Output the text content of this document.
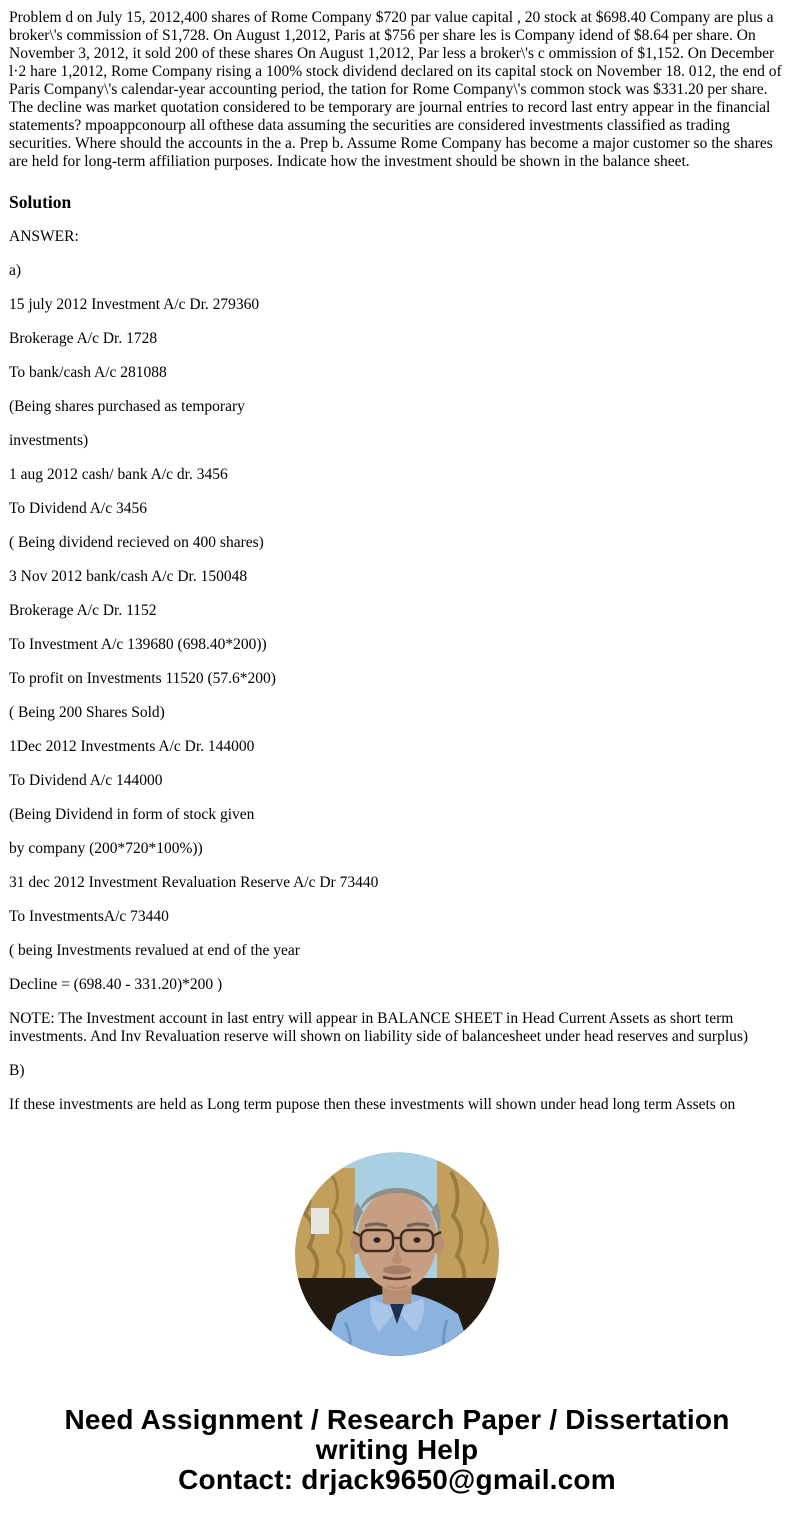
Problem d on July 15, 2012,400 shares of Rome Company $720 par value capital , 20 stock at $698.40 Company are plus a broker\'s commission of S1,728. On August 1,2012, Paris at $756 per share les is Company idend of $8.64 per share. On November 3, 2012, it sold 200 of these shares On August 1,2012, Par less a broker\'s c ommission of $1,152. On December l·2 hare 1,2012, Rome Company rising a 100% stock dividend declared on its capital stock on November 18. 012, the end of Paris Company\'s calendar-year accounting period, the tation for Rome Company\'s common stock was $331.20 per share. The decline was market quotation considered to be temporary are journal entries to record last entry appear in the financial statements? mpoappconourp all ofthese data assuming the securities are considered investments classified as trading securities. Where should the accounts in the a. Prep b. Assume Rome Company has become a major customer so the shares are held for long-term affiliation purposes. Indicate how the investment should be shown in the balance sheet.

Solution

ANSWER:

a)

15 july 2012 Investment A/c Dr. 279360

Brokerage A/c Dr. 1728

To bank/cash A/c 281088

(Being shares purchased as temporary

investments)

1 aug 2012 cash/ bank A/c dr. 3456

To Dividend A/c 3456

( Being dividend recieved on 400 shares)

3 Nov 2012 bank/cash A/c Dr. 150048

Brokerage A/c Dr. 1152

To Investment A/c 139680 (698.40*200))

To profit on Investments 11520 (57.6*200)

( Being 200 Shares Sold)

1Dec 2012 Investments A/c Dr. 144000

To Dividend A/c 144000

(Being Dividend in form of stock given

by company (200*720*100%))

31 dec 2012 Investment Revaluation Reserve A/c Dr 73440

To InvestmentsA/c 73440

( being Investments revalued at end of the year

Decline = (698.40 - 331.20)*200 )

NOTE: The Investment account in last entry will appear in BALANCE SHEET in Head Current Assets as short term investments. And Inv Revaluation reserve will shown on liability side of balancesheet under head reserves and surplus)

B)

If these investments are held as Long term pupose then these investments will shown under head long term Assets on

Need Assignment / Research Paper / Dissertation
writing Help
Contact: drjack9650@gmail.com
